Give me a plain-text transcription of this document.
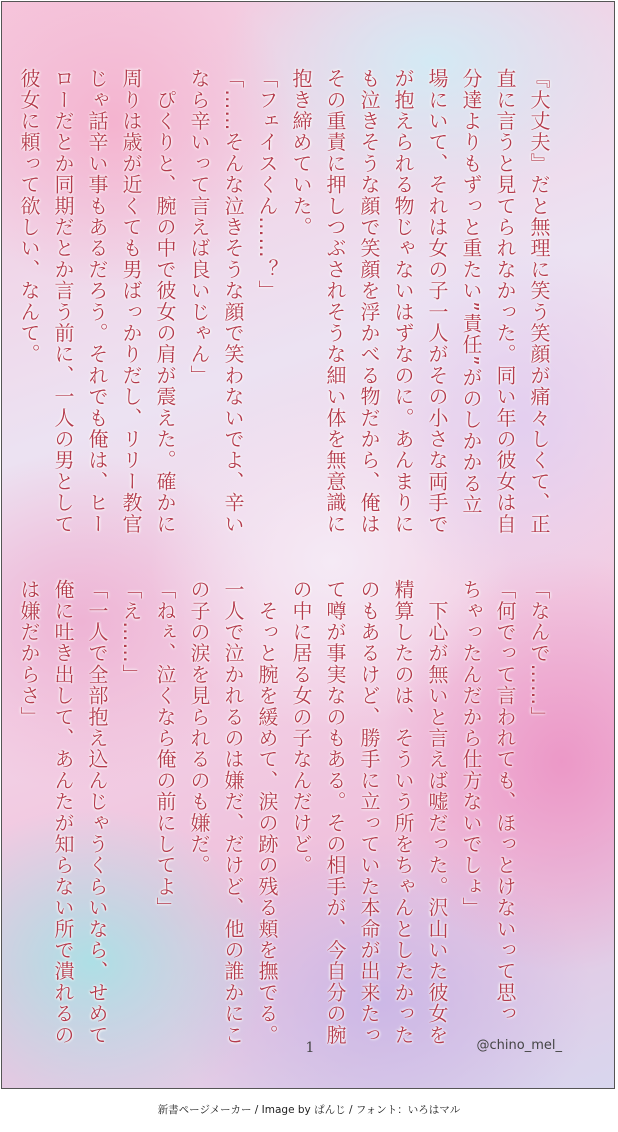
『大丈夫』だと無理に笑う笑顔が痛々しくて、正

直に言うと見てられなかった。同い年の彼女は自

分達よりもずっと重たい”責任”がのしかかる立

場にいて、それは女の子一人がその小さな両手で

が抱えられる物じゃないはずなのに。あんまりに

も泣きそうな顔で笑顔を浮かべる物だから、俺は

その重責に押しつぶされそうな細い体を無意識に

抱き締めていた。

「フェイスくん……？」

「……そんな泣きそうな顔で笑わないでよ、辛い

なら辛いって言えば良いじゃん」

　ぴくりと、腕の中で彼女の肩が震えた。確かに

周りは歳が近くても男ばっかりだし、リリー教官

じゃ話辛い事もあるだろう。それでも俺は、ヒー

ローだとか同期だとか言う前に、一人の男として

彼女に頼って欲しい、なんて。

「なんで……」

「何でって言われても、ほっとけないって思っ

ちゃったんだから仕方ないでしょ」

　下心が無いと言えば嘘だった。沢山いた彼女を

精算したのは、そういう所をちゃんとしたかった

のもあるけど、勝手に立っていた本命が出来たっ

て噂が事実なのもある。その相手が、今自分の腕

の中に居る女の子なんだけど。

　そっと腕を緩めて、涙の跡の残る頬を撫でる。

一人で泣かれるのは嫌だ、だけど、他の誰かにこ

の子の涙を見られるのも嫌だ。

「ねぇ、泣くなら俺の前にしてよ」

「え……」

「一人で全部抱え込んじゃうくらいなら、せめて

俺に吐き出して、あんたが知らない所で潰れるの

は嫌だからさ」

1	@chino_mel_
新書ページメーカー / Image by ぱんじ / フォント：いろはマル
